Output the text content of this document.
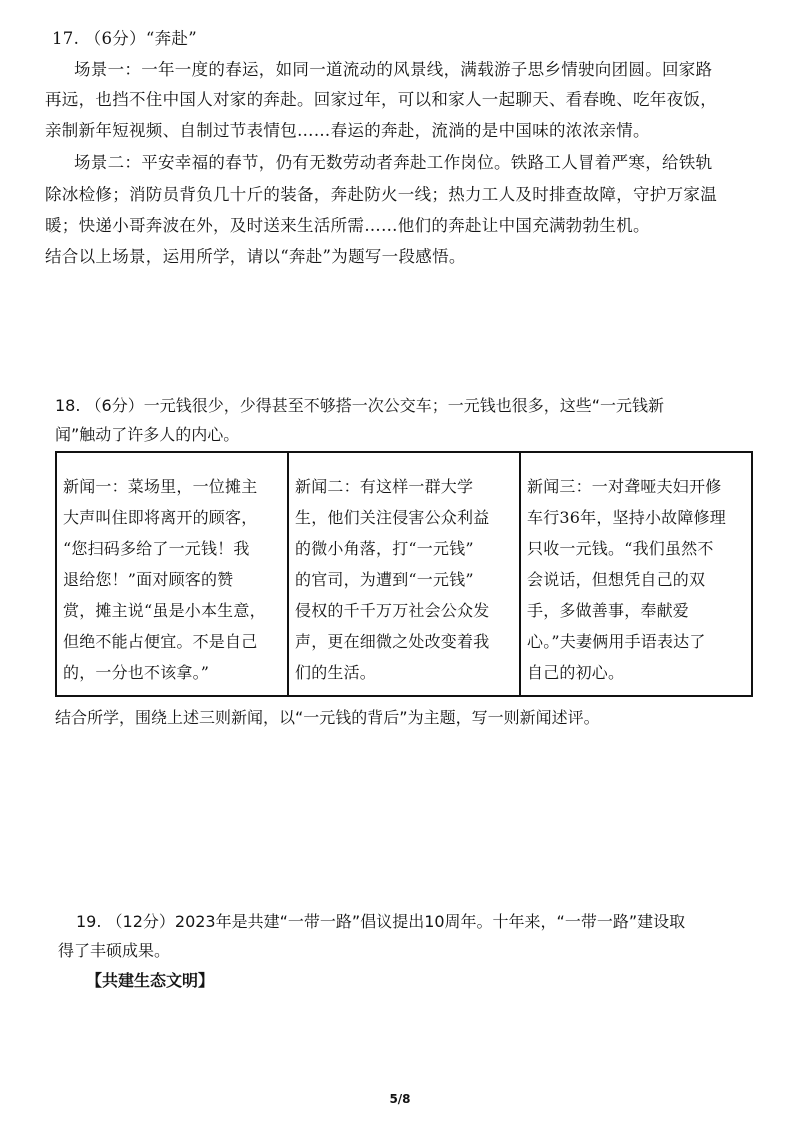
17. （6分）“奔赴”
场景一：一年一度的春运，如同一道流动的风景线，满载游子思乡情驶向团圆。回家路
再远，也挡不住中国人对家的奔赴。回家过年，可以和家人一起聊天、看春晚、吃年夜饭，
亲制新年短视频、自制过节表情包……春运的奔赴，流淌的是中国味的浓浓亲情。
场景二：平安幸福的春节，仍有无数劳动者奔赴工作岗位。铁路工人冒着严寒，给铁轨
除冰检修；消防员背负几十斤的装备，奔赴防火一线；热力工人及时排查故障，守护万家温
暖；快递小哥奔波在外，及时送来生活所需……他们的奔赴让中国充满勃勃生机。
结合以上场景，运用所学，请以“奔赴”为题写一段感悟。
18. （6分）一元钱很少，少得甚至不够搭一次公交车；一元钱也很多，这些“一元钱新
闻”触动了许多人的内心。
新闻一：菜场里，一位摊主
大声叫住即将离开的顾客，
“您扫码多给了一元钱！我
退给您！”面对顾客的赞
赏，摊主说“虽是小本生意，
但绝不能占便宜。不是自己
的，一分也不该拿。”
新闻二：有这样一群大学
生，他们关注侵害公众利益
的微小角落，打“一元钱”
的官司，为遭到“一元钱”
侵权的千千万万社会公众发
声，更在细微之处改变着我
们的生活。
新闻三：一对聋哑夫妇开修
车行36年，坚持小故障修理
只收一元钱。“我们虽然不
会说话，但想凭自己的双
手，多做善事，奉献爱
心。”夫妻俩用手语表达了
自己的初心。
结合所学，围绕上述三则新闻，以“一元钱的背后”为主题，写一则新闻述评。
19. （12分）2023年是共建“一带一路”倡议提出10周年。十年来，“一带一路”建设取
得了丰硕成果。
【共建生态文明】
5/8
